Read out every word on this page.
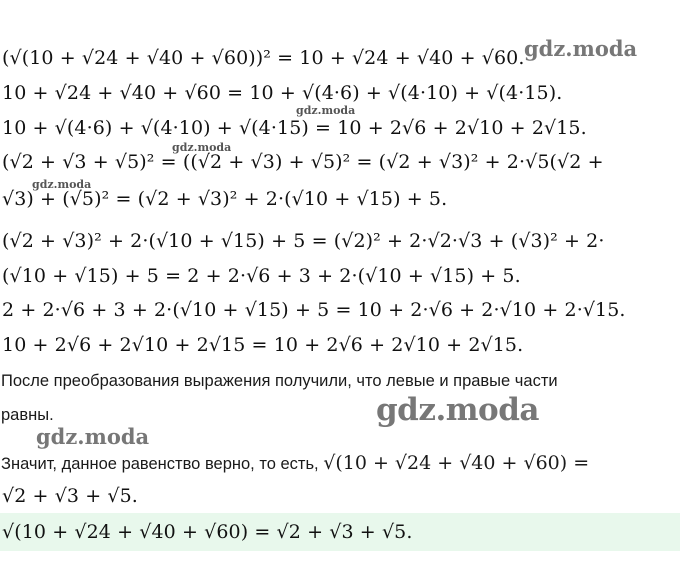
(√(10 + √24 + √40 + √60))² = 10 + √24 + √40 + √60.
10 + √24 + √40 + √60 = 10 + √(4·6) + √(4·10) + √(4·15).
10 + √(4·6) + √(4·10) + √(4·15) = 10 + 2√6 + 2√10 + 2√15.
(√2 + √3 + √5)² = ((√2 + √3) + √5)² = (√2 + √3)² + 2·√5(√2 +
√3) + (√5)² = (√2 + √3)² + 2·(√10 + √15) + 5.
(√2 + √3)² + 2·(√10 + √15) + 5 = (√2)² + 2·√2·√3 + (√3)² + 2·
(√10 + √15) + 5 = 2 + 2·√6 + 3 + 2·(√10 + √15) + 5.
2 + 2·√6 + 3 + 2·(√10 + √15) + 5 = 10 + 2·√6 + 2·√10 + 2·√15.
10 + 2√6 + 2√10 + 2√15 = 10 + 2√6 + 2√10 + 2√15.
После преобразования выражения получили, что левые и правые части
равны.
Значит, данное равенство верно, то есть, √(10 + √24 + √40 + √60) =
√2 + √3 + √5.
√(10 + √24 + √40 + √60) = √2 + √3 + √5.
gdz.moda
gdz.moda
gdz.moda
gdz.moda
gdz.moda
gdz.moda
